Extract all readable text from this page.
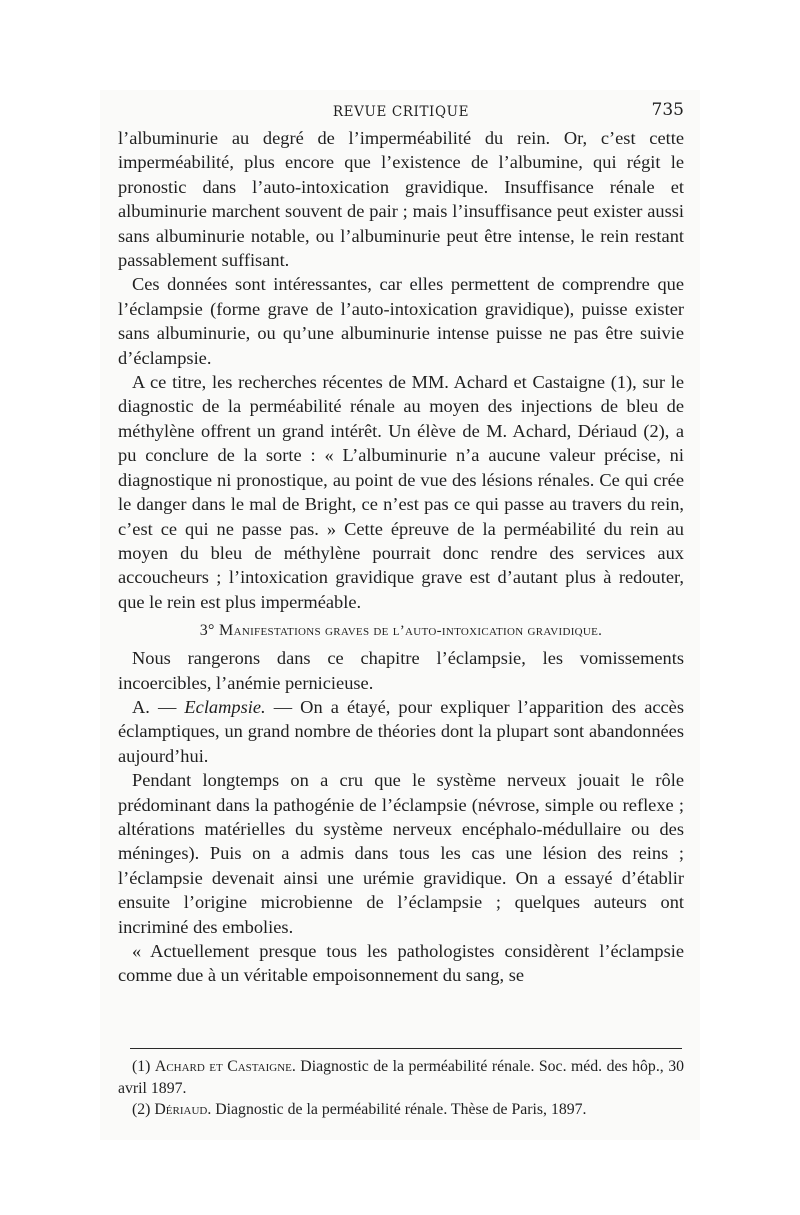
REVUE CRITIQUE	735

l’albuminurie au degré de l’imperméabilité du rein. Or, c’est cette imperméabilité, plus encore que l’existence de l’albumine, qui régit le pronostic dans l’auto-intoxication gravidique. Insuffisance rénale et albuminurie marchent souvent de pair ; mais l’insuffisance peut exister aussi sans albuminurie notable, ou l’albuminurie peut être intense, le rein restant passablement suffisant.

Ces données sont intéressantes, car elles permettent de comprendre que l’éclampsie (forme grave de l’auto-intoxication gravidique), puisse exister sans albuminurie, ou qu’une albuminurie intense puisse ne pas être suivie d’éclampsie.

A ce titre, les recherches récentes de MM. Achard et Castaigne (1), sur le diagnostic de la perméabilité rénale au moyen des injections de bleu de méthylène offrent un grand intérêt. Un élève de M. Achard, Dériaud (2), a pu conclure de la sorte : « L’albuminurie n’a aucune valeur précise, ni diagnostique ni pronostique, au point de vue des lésions rénales. Ce qui crée le danger dans le mal de Bright, ce n’est pas ce qui passe au travers du rein, c’est ce qui ne passe pas. » Cette épreuve de la perméabilité du rein au moyen du bleu de méthylène pourrait donc rendre des services aux accoucheurs ; l’intoxication gravidique grave est d’autant plus à redouter, que le rein est plus imperméable.

3° Manifestations graves de l’auto-intoxication gravidique.

Nous rangerons dans ce chapitre l’éclampsie, les vomissements incoercibles, l’anémie pernicieuse.

A. — Eclampsie. — On a étayé, pour expliquer l’apparition des accès éclamptiques, un grand nombre de théories dont la plupart sont abandonnées aujourd’hui.

Pendant longtemps on a cru que le système nerveux jouait le rôle prédominant dans la pathogénie de l’éclampsie (névrose, simple ou reflexe ; altérations matérielles du système nerveux encéphalo-médullaire ou des méninges). Puis on a admis dans tous les cas une lésion des reins ; l’éclampsie devenait ainsi une urémie gravidique. On a essayé d’établir ensuite l’origine microbienne de l’éclampsie ; quelques auteurs ont incriminé des embolies.

« Actuellement presque tous les pathologistes considèrent l’éclampsie comme due à un véritable empoisonnement du sang, se

(1) Achard et Castaigne. Diagnostic de la perméabilité rénale. Soc. méd. des hôp., 30 avril 1897.

(2) Dériaud. Diagnostic de la perméabilité rénale. Thèse de Paris, 1897.
